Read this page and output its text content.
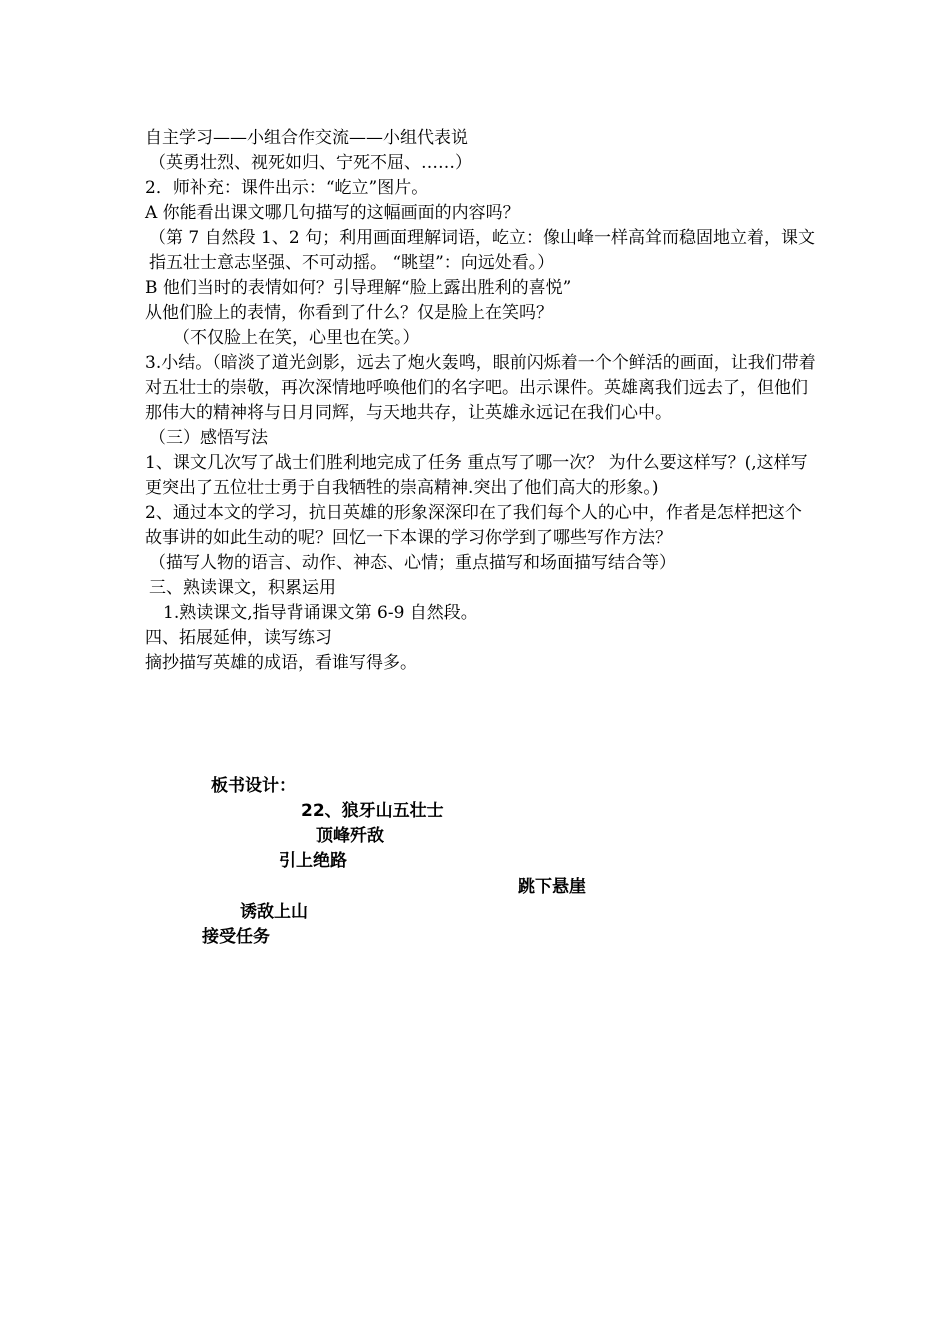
自主学习——小组合作交流——小组代表说

（英勇壮烈、视死如归、宁死不屈、……）

2．师补充：课件出示：“屹立”图片。

A 你能看出课文哪几句描写的这幅画面的内容吗？

（第 7 自然段 1、2 句；利用画面理解词语，屹立：像山峰一样高耸而稳固地立着，课文指五壮士意志坚强、不可动摇。 “眺望”：向远处看。）

B 他们当时的表情如何？引导理解“脸上露出胜利的喜悦”

从他们脸上的表情，你看到了什么？仅是脸上在笑吗？

（不仅脸上在笑，心里也在笑。）

3.小结。（暗淡了道光剑影，远去了炮火轰鸣，眼前闪烁着一个个鲜活的画面，让我们带着对五壮士的崇敬，再次深情地呼唤他们的名字吧。出示课件。英雄离我们远去了，但他们那伟大的精神将与日月同辉，与天地共存，让英雄永远记在我们心中。

（三）感悟写法

1、课文几次写了战士们胜利地完成了任务 重点写了哪一次？ 为什么要这样写？(,这样写更突出了五位壮士勇于自我牺牲的崇高精神.突出了他们高大的形象。)

2、通过本文的学习，抗日英雄的形象深深印在了我们每个人的心中，作者是怎样把这个故事讲的如此生动的呢？回忆一下本课的学习你学到了哪些写作方法？

（描写人物的语言、动作、神态、心情；重点描写和场面描写结合等）

三、熟读课文，积累运用

1.熟读课文,指导背诵课文第 6-9 自然段。

四、拓展延伸，读写练习

摘抄描写英雄的成语，看谁写得多。

板书设计：
22、狼牙山五壮士
顶峰歼敌
引上绝路
跳下悬崖
诱敌上山
接受任务
